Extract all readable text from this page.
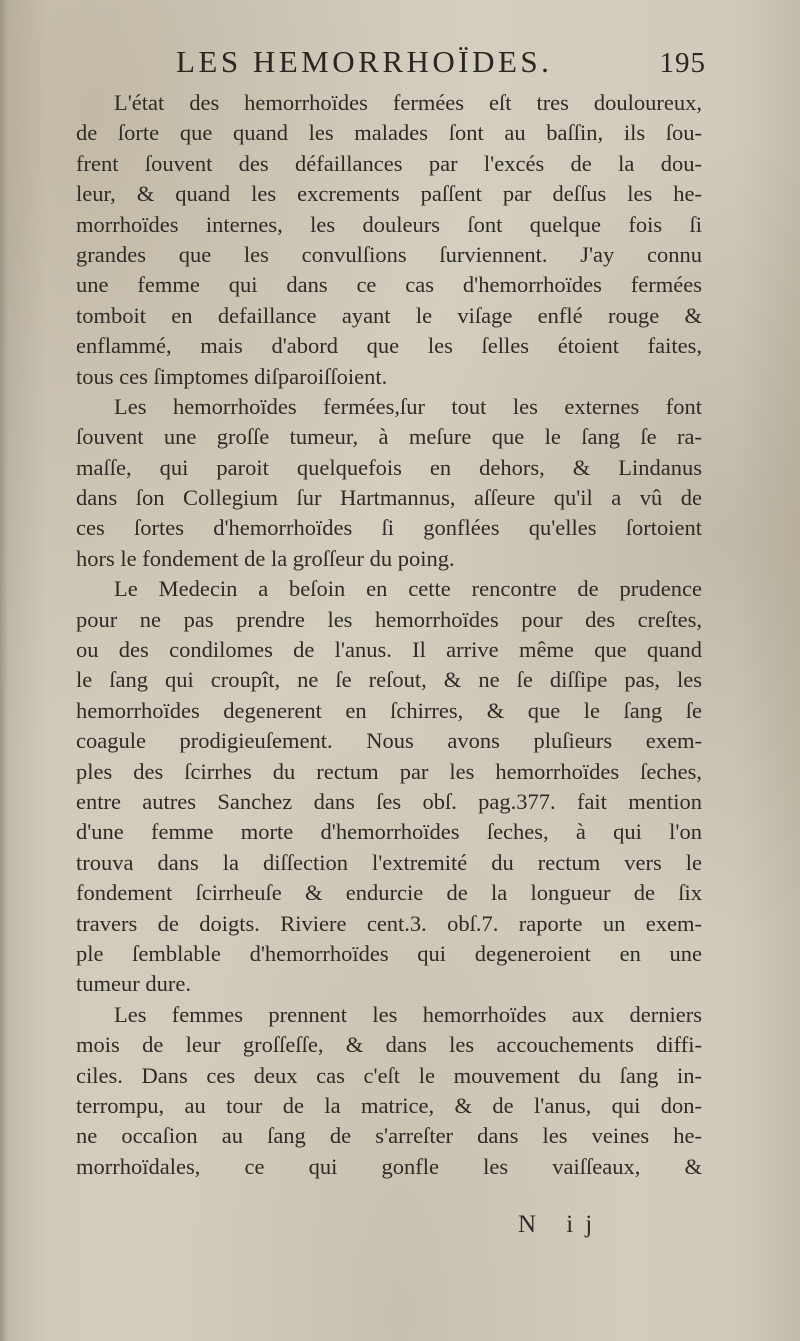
LES HEMORRHOÏDES.	195

L'état des hemorrhoïdes fermées eſt tres douloureux,
de ſorte que quand les malades ſont au baſſin, ils ſou-
frent ſouvent des défaillances par l'excés de la dou-
leur, & quand les excrements paſſent par deſſus les he-
morrhoïdes internes, les douleurs ſont quelque fois ſi
grandes que les convulſions ſurviennent. J'ay connu
une femme qui dans ce cas d'hemorrhoïdes fermées
tomboit en defaillance ayant le viſage enflé rouge &
enflammé, mais d'abord que les ſelles étoient faites,
tous ces ſimptomes diſparoiſſoient.

Les hemorrhoïdes fermées,ſur tout les externes font
ſouvent une groſſe tumeur, à meſure que le ſang ſe ra-
maſſe, qui paroit quelquefois en dehors, & Lindanus
dans ſon Collegium ſur Hartmannus, aſſeure qu'il a vû de
ces ſortes d'hemorrhoïdes ſi gonflées qu'elles ſortoient
hors le fondement de la groſſeur du poing.

Le Medecin a beſoin en cette rencontre de prudence
pour ne pas prendre les hemorrhoïdes pour des creſtes,
ou des condilomes de l'anus. Il arrive même que quand
le ſang qui croupît, ne ſe reſout, & ne ſe diſſipe pas, les
hemorrhoïdes degenerent en ſchirres, & que le ſang ſe
coagule prodigieuſement. Nous avons pluſieurs exem-
ples des ſcirrhes du rectum par les hemorrhoïdes ſeches,
entre autres Sanchez dans ſes obſ. pag.377. fait mention
d'une femme morte d'hemorrhoïdes ſeches, à qui l'on
trouva dans la diſſection l'extremité du rectum vers le
fondement ſcirrheuſe & endurcie de la longueur de ſix
travers de doigts. Riviere cent.3. obſ.7. raporte un exem-
ple ſemblable d'hemorrhoïdes qui degeneroient en une
tumeur dure.

Les femmes prennent les hemorrhoïdes aux derniers
mois de leur groſſeſſe, & dans les accouchements diffi-
ciles. Dans ces deux cas c'eſt le mouvement du ſang in-
terrompu, au tour de la matrice, & de l'anus, qui don-
ne occaſion au ſang de s'arreſter dans les veines he-
morrhoïdales, ce qui gonfle les vaiſſeaux, &

N ij
